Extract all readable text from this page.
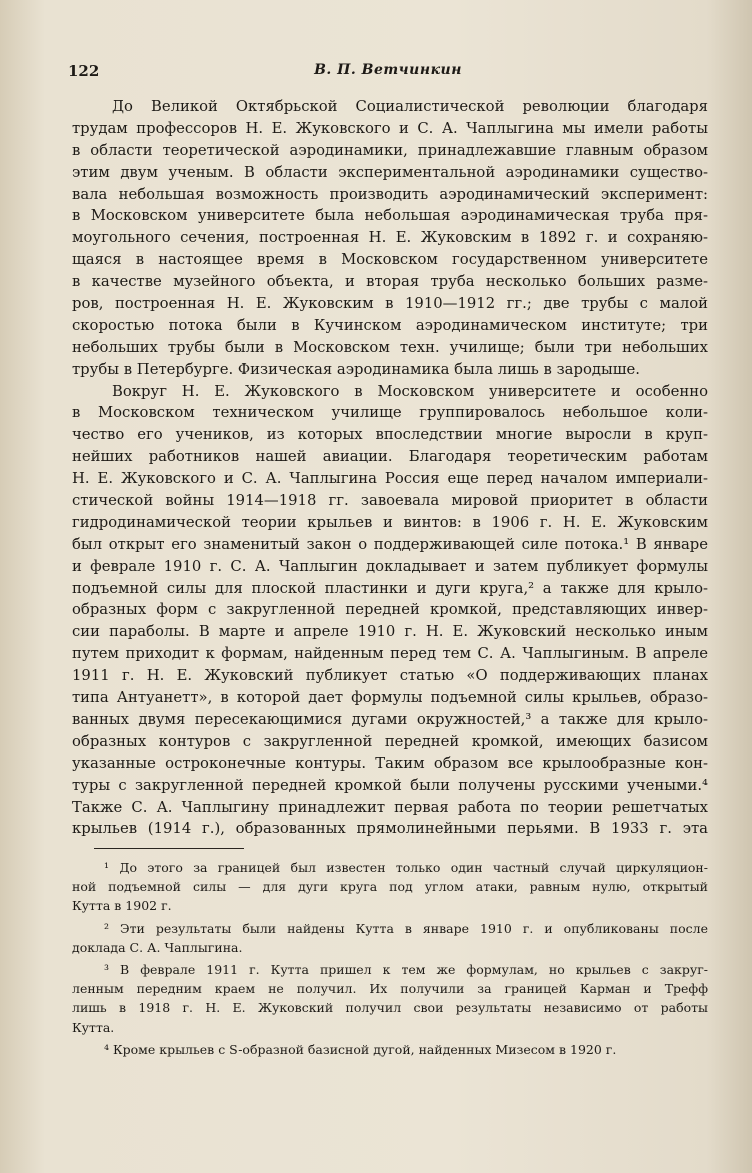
122	В. П. Ветчинкин
До Великой Октябрьской Социалистической революции благодаря
трудам профессоров Н. Е. Жуковского и С. А. Чаплыгина мы имели работы
в области теоретической аэродинамики, принадлежавшие главным образом
этим двум ученым. В области экспериментальной аэродинамики существо-
вала небольшая возможность производить аэродинамический эксперимент:
в Московском университете была небольшая аэродинамическая труба пря-
моугольного сечения, построенная Н. Е. Жуковским в 1892 г. и сохраняю-
щаяся в настоящее время в Московском государственном университете
в качестве музейного объекта, и вторая труба несколько больших разме-
ров, построенная Н. Е. Жуковским в 1910—1912 гг.; две трубы с малой
скоростью потока были в Кучинском аэродинамическом институте; три
небольших трубы были в Московском техн. училище; были три небольших
трубы в Петербурге. Физическая аэродинамика была лишь в зародыше.
Вокруг Н. Е. Жуковского в Московском университете и особенно
в Московском техническом училище группировалось небольшое коли-
чество его учеников, из которых впоследствии многие выросли в круп-
нейших работников нашей авиации. Благодаря теоретическим работам
Н. Е. Жуковского и С. А. Чаплыгина Россия еще перед началом империали-
стической войны 1914—1918 гг. завоевала мировой приоритет в области
гидродинамической теории крыльев и винтов: в 1906 г. Н. Е. Жуковским
был открыт его знаменитый закон о поддерживающей силе потока.¹ В январе
и феврале 1910 г. С. А. Чаплыгин докладывает и затем публикует формулы
подъемной силы для плоской пластинки и дуги круга,² а также для крыло-
образных форм с закругленной передней кромкой, представляющих инвер-
сии параболы. В марте и апреле 1910 г. Н. Е. Жуковский несколько иным
путем приходит к формам, найденным перед тем С. А. Чаплыгиным. В апреле
1911 г. Н. Е. Жуковский публикует статью «О поддерживающих планах
типа Антуанетт», в которой дает формулы подъемной силы крыльев, образо-
ванных двумя пересекающимися дугами окружностей,³ а также для крыло-
образных контуров с закругленной передней кромкой, имеющих базисом
указанные остроконечные контуры. Таким образом все крылообразные кон-
туры с закругленной передней кромкой были получены русскими учеными.⁴
Также С. А. Чаплыгину принадлежит первая работа по теории решетчатых
крыльев (1914 г.), образованных прямолинейными перьями. В 1933 г. эта
¹ До этого за границей был известен только один частный случай циркуляцион-
ной подъемной силы — для дуги круга под углом атаки, равным нулю, открытый
Кутта в 1902 г.
² Эти результаты были найдены Кутта в январе 1910 г. и опубликованы после
доклада С. А. Чаплыгина.
³ В феврале 1911 г. Кутта пришел к тем же формулам, но крыльев с закруг-
ленным передним краем не получил. Их получили за границей Карман и Трефф
лишь в 1918 г. Н. Е. Жуковский получил свои результаты независимо от работы
Кутта.
⁴ Кроме крыльев с S-образной базисной дугой, найденных Мизесом в 1920 г.
